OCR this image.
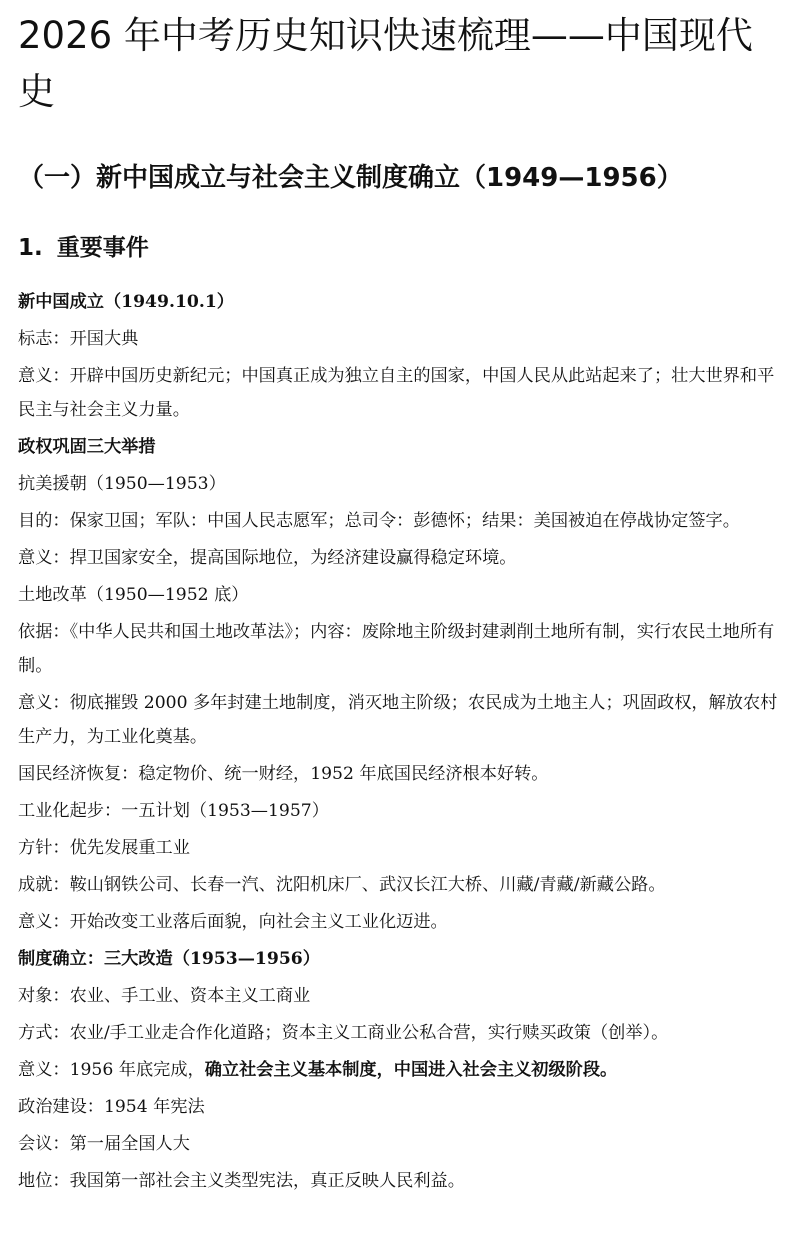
2026 年中考历史知识快速梳理——中国现代史
（一）新中国成立与社会主义制度确立（1949—1956）
1. 重要事件

新中国成立（1949.10.1）

标志：开国大典

意义：开辟中国历史新纪元；中国真正成为独立自主的国家，中国人民从此站起来了；壮大世界和平民主与社会主义力量。

政权巩固三大举措

抗美援朝（1950—1953）

目的：保家卫国；军队：中国人民志愿军；总司令：彭德怀；结果：美国被迫在停战协定签字。

意义：捍卫国家安全，提高国际地位，为经济建设赢得稳定环境。

土地改革（1950—1952 底）

依据：《中华人民共和国土地改革法》；内容：废除地主阶级封建剥削土地所有制，实行农民土地所有制。

意义：彻底摧毁 2000 多年封建土地制度，消灭地主阶级；农民成为土地主人；巩固政权，解放农村生产力，为工业化奠基。

国民经济恢复：稳定物价、统一财经，1952 年底国民经济根本好转。

工业化起步：一五计划（1953—1957）

方针：优先发展重工业

成就：鞍山钢铁公司、长春一汽、沈阳机床厂、武汉长江大桥、川藏/青藏/新藏公路。

意义：开始改变工业落后面貌，向社会主义工业化迈进。

制度确立：三大改造（1953—1956）

对象：农业、手工业、资本主义工商业

方式：农业/手工业走合作化道路；资本主义工商业公私合营，实行赎买政策（创举）。

意义：1956 年底完成，确立社会主义基本制度，中国进入社会主义初级阶段。

政治建设：1954 年宪法

会议：第一届全国人大

地位：我国第一部社会主义类型宪法，真正反映人民利益。
